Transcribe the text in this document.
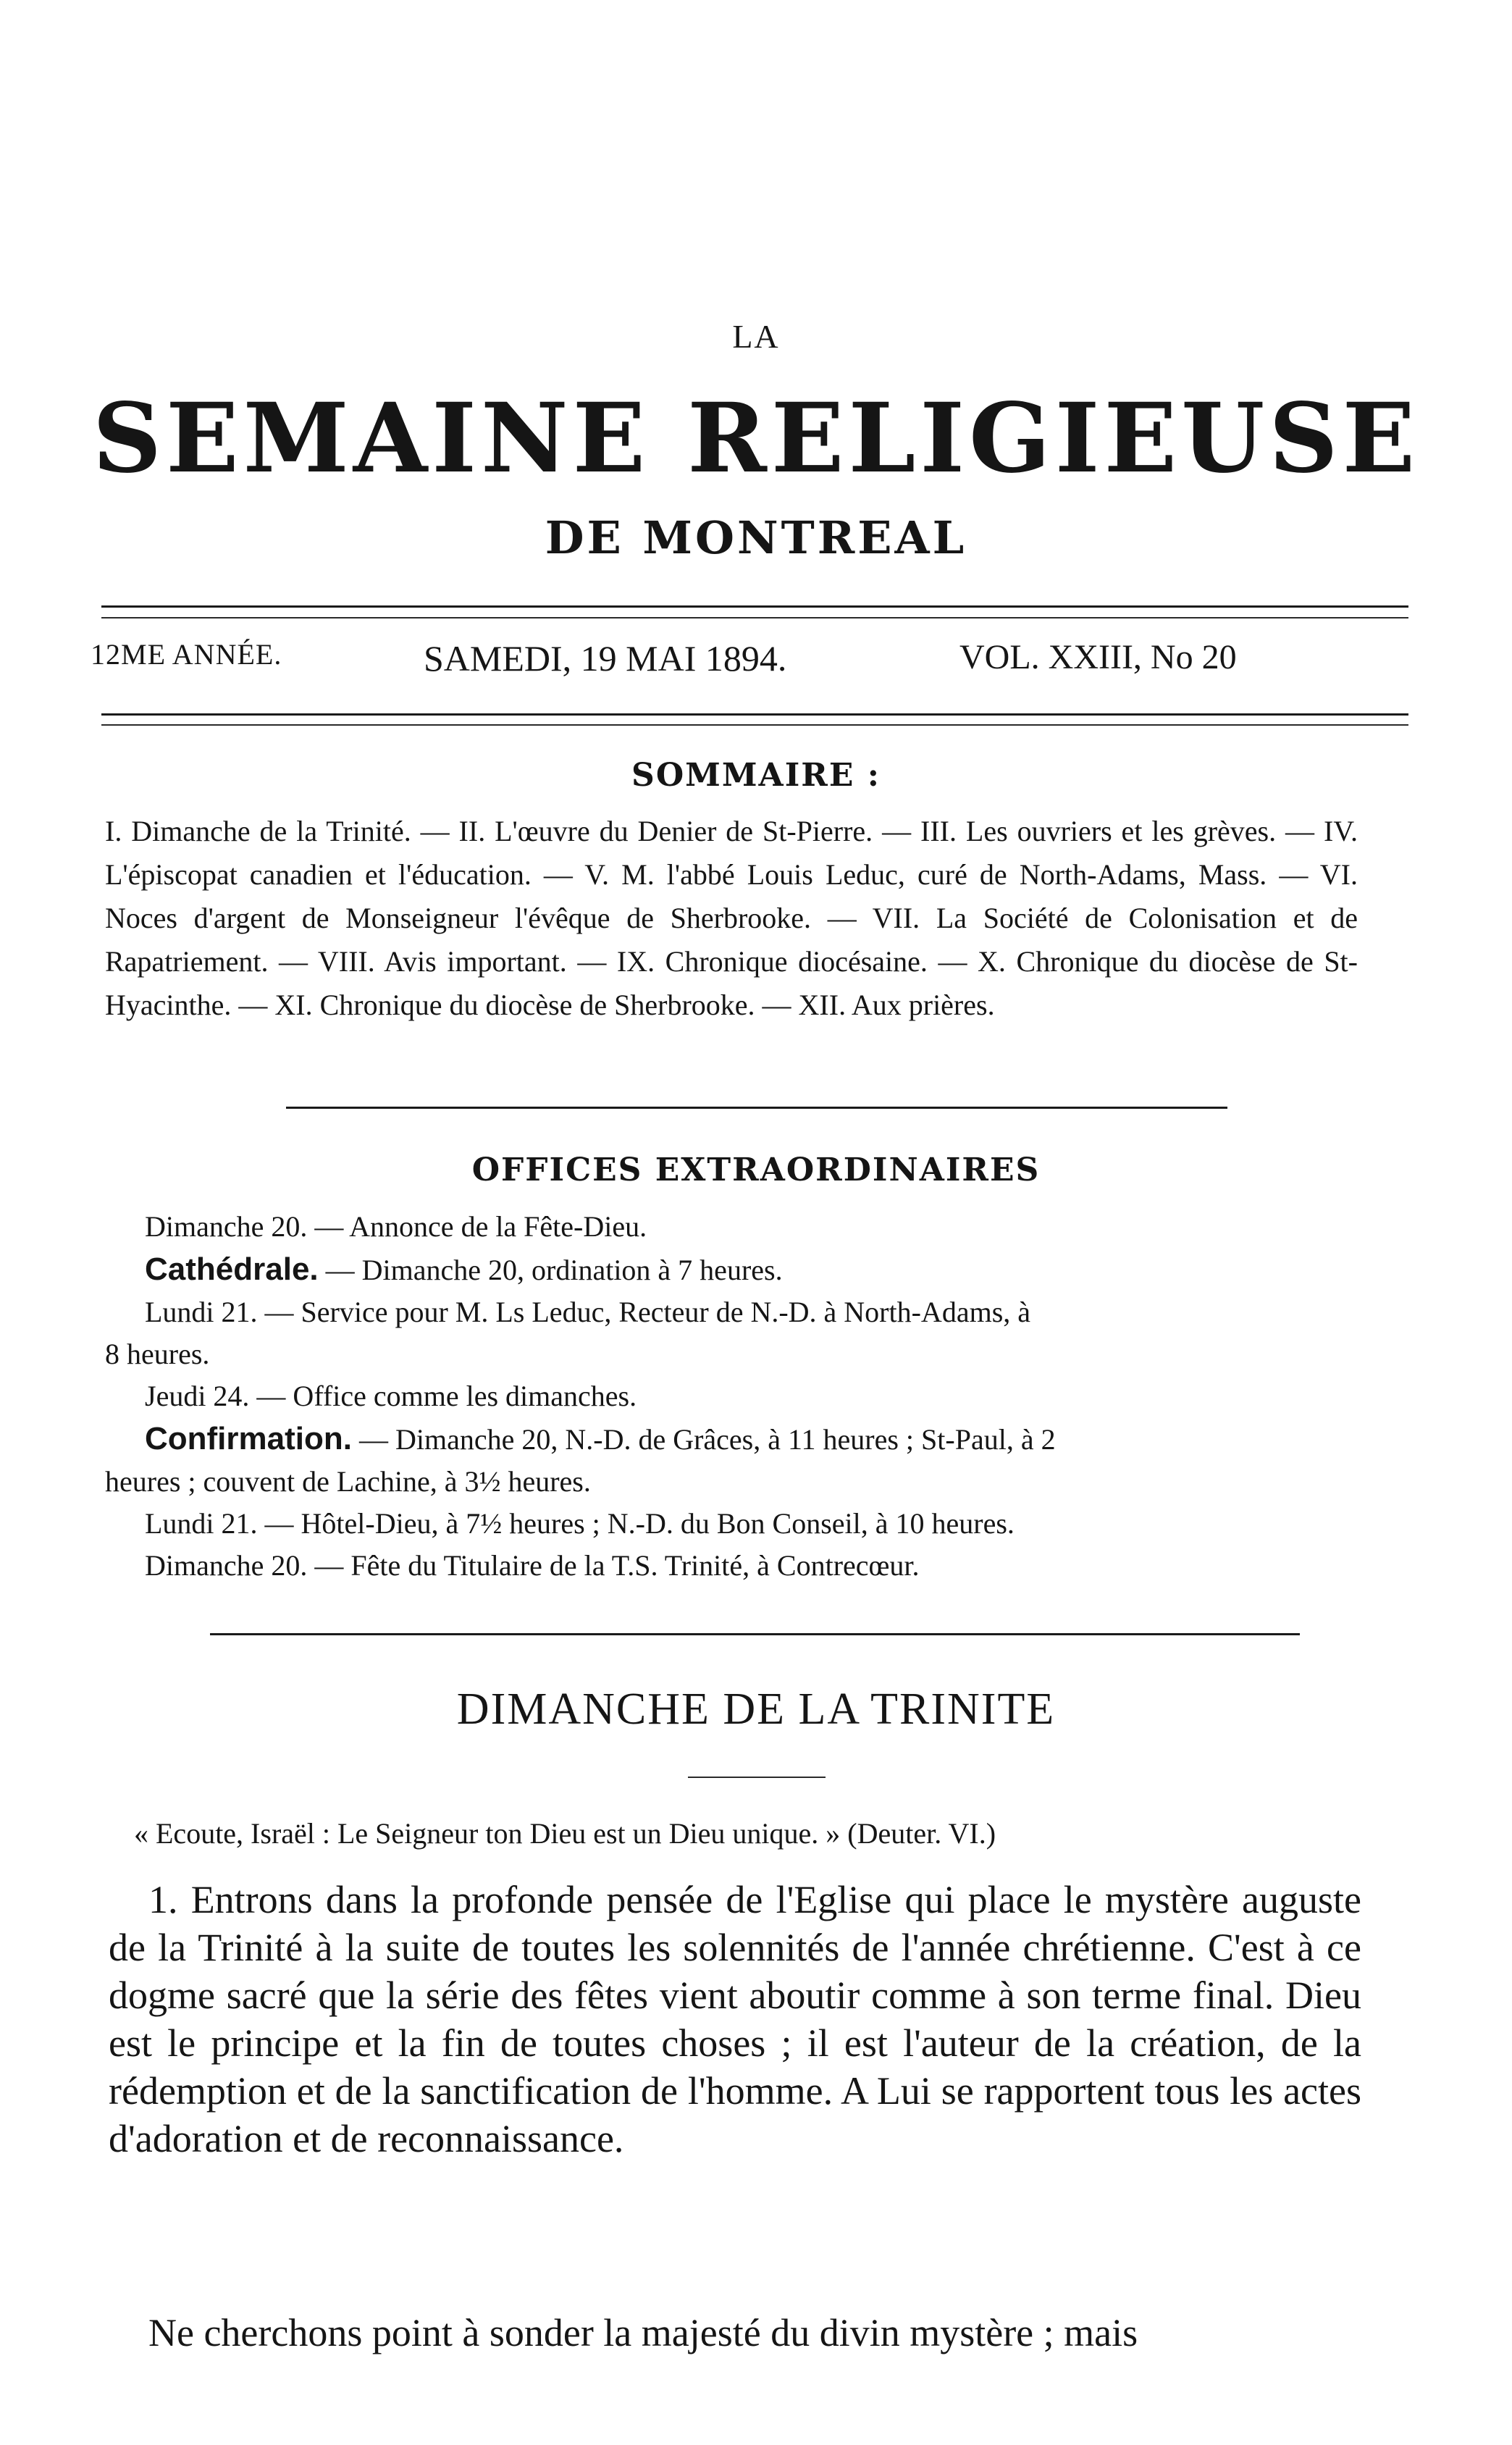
LA
SEMAINE RELIGIEUSE
DE MONTREAL
12ME ANNÉE.	SAMEDI, 19 MAI 1894.	VOL. XXIII, No 20
SOMMAIRE :
I. Dimanche de la Trinité. — II. L'œuvre du Denier de St-Pierre. — III. Les ouvriers et les grèves. — IV. L'épiscopat canadien et l'éducation. — V. M. l'abbé Louis Leduc, curé de North-Adams, Mass. — VI. Noces d'argent de Monseigneur l'évêque de Sherbrooke. — VII. La Société de Colonisation et de Rapatriement. — VIII. Avis important. — IX. Chronique diocésaine. — X. Chronique du diocèse de St-Hyacinthe. — XI. Chronique du diocèse de Sherbrooke. — XII. Aux prières.
OFFICES EXTRAORDINAIRES
Dimanche 20. — Annonce de la Fête-Dieu.
Cathédrale. — Dimanche 20, ordination à 7 heures.
Lundi 21. — Service pour M. Ls Leduc, Recteur de N.-D. à North-Adams, à
8 heures.
Jeudi 24. — Office comme les dimanches.
Confirmation. — Dimanche 20, N.-D. de Grâces, à 11 heures ; St-Paul, à 2
heures ; couvent de Lachine, à 3½ heures.
Lundi 21. — Hôtel-Dieu, à 7½ heures ; N.-D. du Bon Conseil, à 10 heures.
Dimanche 20. — Fête du Titulaire de la T.S. Trinité, à Contrecœur.
DIMANCHE DE LA TRINITE
« Ecoute, Israël : Le Seigneur ton Dieu est un Dieu unique. » (Deuter. VI.)
1. Entrons dans la profonde pensée de l'Eglise qui place le mystère auguste de la Trinité à la suite de toutes les solennités de l'année chrétienne. C'est à ce dogme sacré que la série des fêtes vient aboutir comme à son terme final. Dieu est le principe et la fin de toutes choses ; il est l'auteur de la création, de la rédemption et de la sanctification de l'homme. A Lui se rapportent tous les actes d'adoration et de reconnaissance.
Ne cherchons point à sonder la majesté du divin mystère ; mais
